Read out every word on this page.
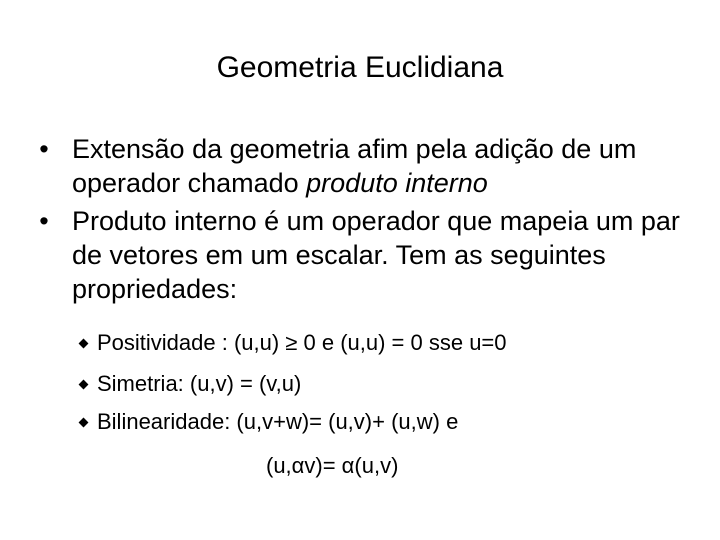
Geometria Euclidiana
• Extensão da geometria afim pela adição de um operador chamado produto interno
• Produto interno é um operador que mapeia um par de vetores em um escalar. Tem as seguintes propriedades:
Positividade : (u,u) ≥ 0 e (u,u) = 0 sse u=0
Simetria: (u,v) = (v,u)
Bilinearidade: (u,v+w)= (u,v)+ (u,w) e
(u,αv)= α(u,v)
